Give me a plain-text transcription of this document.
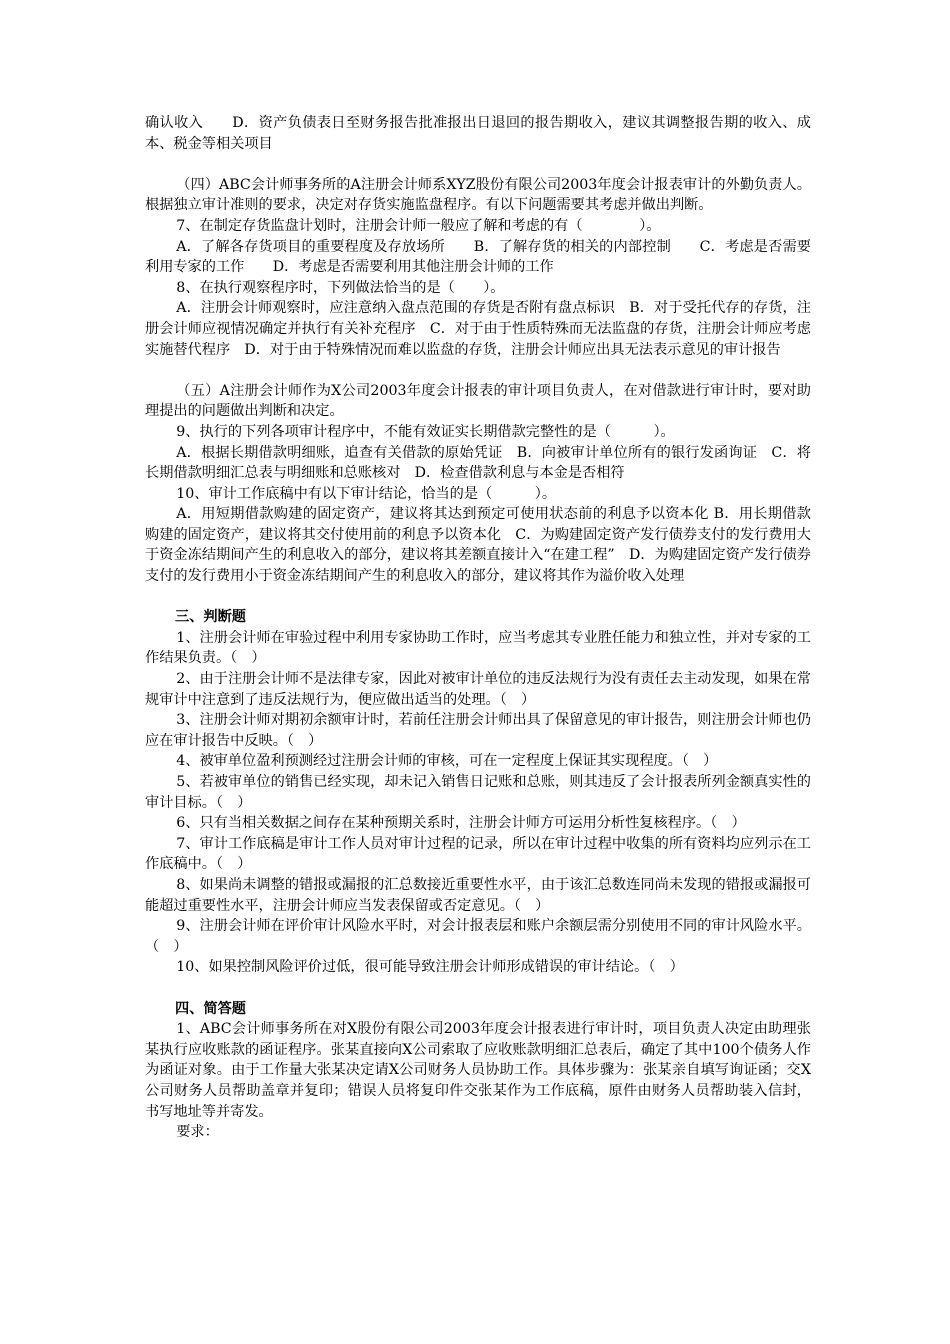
确认收入　　D．资产负债表日至财务报告批准报出日退回的报告期收入，建议其调整报告期的收入、成本、税金等相关项目

（四）ABC会计师事务所的A注册会计师系XYZ股份有限公司2003年度会计报表审计的外勤负责人。根据独立审计准则的要求，决定对存货实施监盘程序。有以下问题需要其考虑并做出判断。

7、在制定存货监盘计划时，注册会计师一般应了解和考虑的有（　　　　）。

A．了解各存货项目的重要程度及存放场所　　B．了解存货的相关的内部控制　　C．考虑是否需要利用专家的工作　　D．考虑是否需要利用其他注册会计师的工作

8、在执行观察程序时，下列做法恰当的是（　　）。

A．注册会计师观察时，应注意纳入盘点范围的存货是否附有盘点标识　B．对于受托代存的存货，注册会计师应视情况确定并执行有关补充程序　C．对于由于性质特殊而无法监盘的存货，注册会计师应考虑实施替代程序　D．对于由于特殊情况而难以监盘的存货，注册会计师应出具无法表示意见的审计报告

（五）A注册会计师作为X公司2003年度会计报表的审计项目负责人，在对借款进行审计时，要对助理提出的问题做出判断和决定。

9、执行的下列各项审计程序中，不能有效证实长期借款完整性的是（　　　）。

A．根据长期借款明细账，追查有关借款的原始凭证　B．向被审计单位所有的银行发函询证　C．将长期借款明细汇总表与明细账和总账核对　D．检查借款利息与本金是否相符

10、审计工作底稿中有以下审计结论，恰当的是（　　　）。

A．用短期借款购建的固定资产，建议将其达到预定可使用状态前的利息予以资本化 B．用长期借款购建的固定资产，建议将其交付使用前的利息予以资本化　C．为购建固定资产发行债券支付的发行费用大于资金冻结期间产生的利息收入的部分，建议将其差额直接计入“在建工程”　D．为购建固定资产发行债券支付的发行费用小于资金冻结期间产生的利息收入的部分，建议将其作为溢价收入处理

三、判断题

1、注册会计师在审验过程中利用专家协助工作时，应当考虑其专业胜任能力和独立性，并对专家的工作结果负责。（　）

2、由于注册会计师不是法律专家，因此对被审计单位的违反法规行为没有责任去主动发现，如果在常规审计中注意到了违反法规行为，便应做出适当的处理。（　）

3、注册会计师对期初余额审计时，若前任注册会计师出具了保留意见的审计报告，则注册会计师也仍应在审计报告中反映。（　）

4、被审单位盈利预测经过注册会计师的审核，可在一定程度上保证其实现程度。（　）

5、若被审单位的销售已经实现，却未记入销售日记账和总账，则其违反了会计报表所列金额真实性的审计目标。（　）

6、只有当相关数据之间存在某种预期关系时，注册会计师方可运用分析性复核程序。（　）

7、审计工作底稿是审计工作人员对审计过程的记录，所以在审计过程中收集的所有资料均应列示在工作底稿中。（　）

8、如果尚未调整的错报或漏报的汇总数接近重要性水平，由于该汇总数连同尚未发现的错报或漏报可能超过重要性水平，注册会计师应当发表保留或否定意见。（　）

9、注册会计师在评价审计风险水平时，对会计报表层和账户余额层需分别使用不同的审计风险水平。（　）

10、如果控制风险评价过低，很可能导致注册会计师形成错误的审计结论。（　）

四、简答题

1、ABC会计师事务所在对X股份有限公司2003年度会计报表进行审计时，项目负责人决定由助理张某执行应收账款的函证程序。张某直接向X公司索取了应收账款明细汇总表后，确定了其中100个债务人作为函证对象。由于工作量大张某决定请X公司财务人员协助工作。具体步骤为：张某亲自填写询证函；交X公司财务人员帮助盖章并复印；错误人员将复印件交张某作为工作底稿，原件由财务人员帮助装入信封，书写地址等并寄发。

要求：
